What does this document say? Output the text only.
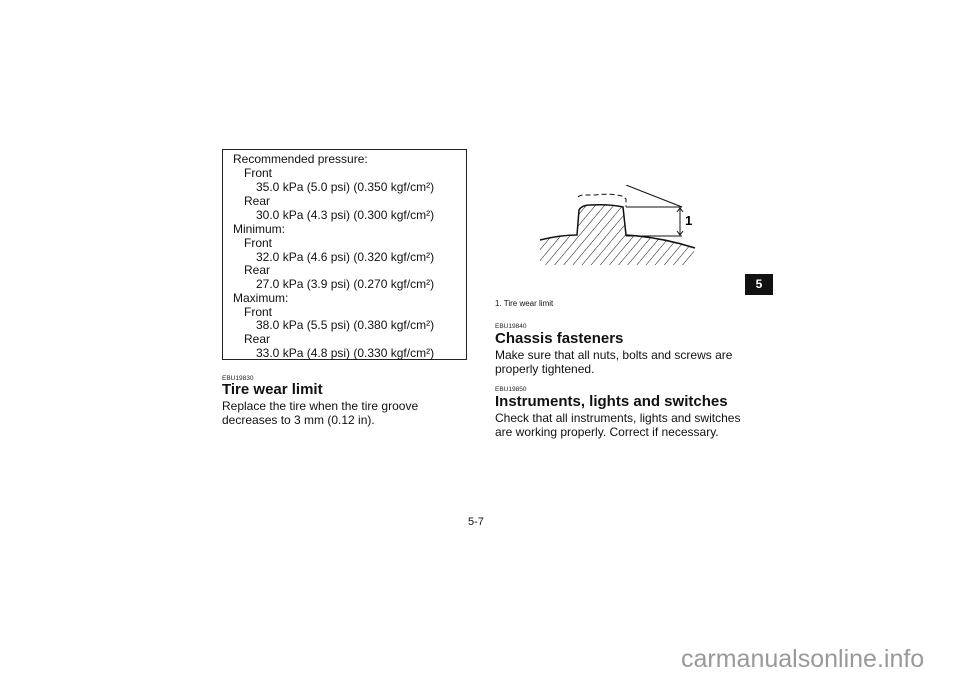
Recommended pressure:
Front
35.0 kPa (5.0 psi) (0.350 kgf/cm²)
Rear
30.0 kPa (4.3 psi) (0.300 kgf/cm²)
Minimum:
Front
32.0 kPa (4.6 psi) (0.320 kgf/cm²)
Rear
27.0 kPa (3.9 psi) (0.270 kgf/cm²)
Maximum:
Front
38.0 kPa (5.5 psi) (0.380 kgf/cm²)
Rear
33.0 kPa (4.8 psi) (0.330 kgf/cm²)
EBU19830
Tire wear limit
Replace the tire when the tire groove decreases to 3 mm (0.12 in).
1
1. Tire wear limit
EBU19840
Chassis fasteners
Make sure that all nuts, bolts and screws are properly tightened.
EBU19850
Instruments, lights and switches
Check that all instruments, lights and switches are working properly. Correct if necessary.
5
5-7
carmanualsonline.info
